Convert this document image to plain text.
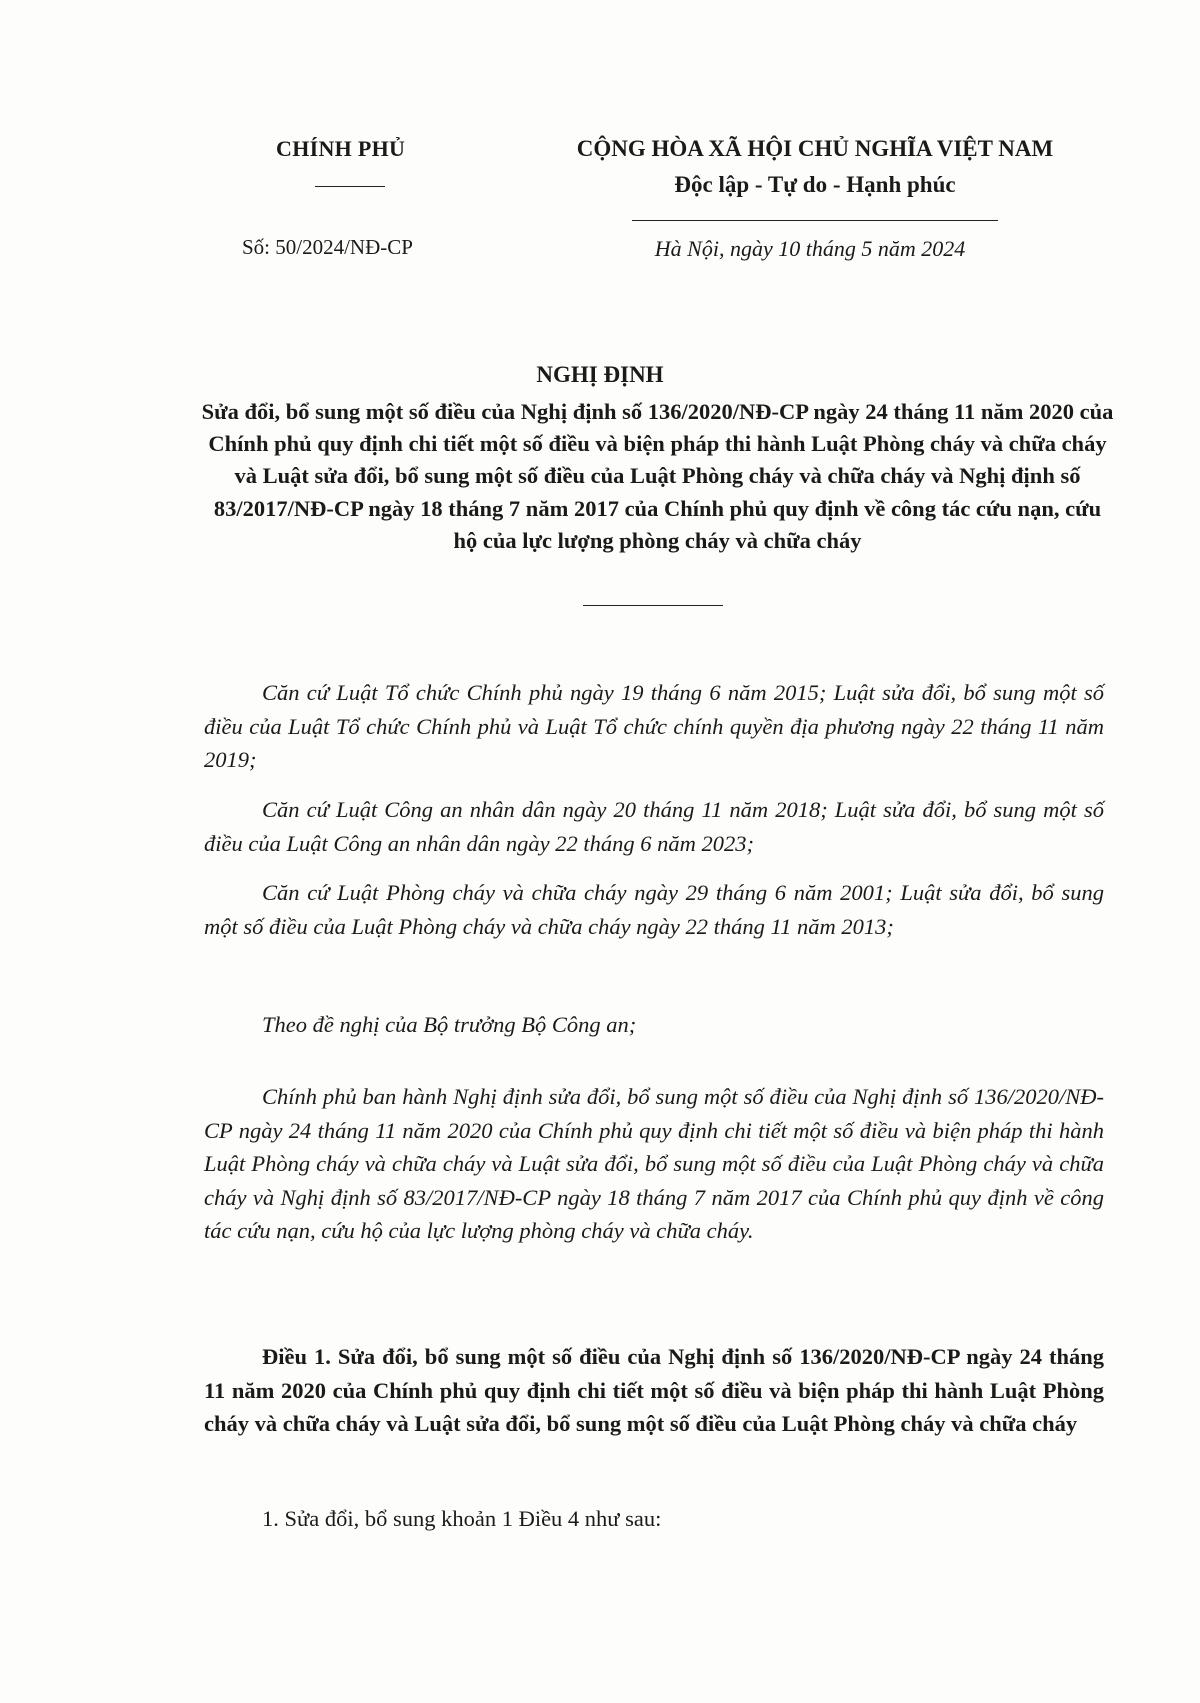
CHÍNH PHỦ	CỘNG HÒA XÃ HỘI CHỦ NGHĨA VIỆT NAM
Độc lập - Tự do - Hạnh phúc
Số: 50/2024/NĐ-CP	Hà Nội, ngày 10 tháng 5 năm 2024
NGHỊ ĐỊNH
Sửa đổi, bổ sung một số điều của Nghị định số 136/2020/NĐ-CP ngày 24 tháng 11 năm 2020 của Chính phủ quy định chi tiết một số điều và biện pháp thi hành Luật Phòng cháy và chữa cháy và Luật sửa đổi, bổ sung một số điều của Luật Phòng cháy và chữa cháy và Nghị định số 83/2017/NĐ-CP ngày 18 tháng 7 năm 2017 của Chính phủ quy định về công tác cứu nạn, cứu hộ của lực lượng phòng cháy và chữa cháy
Căn cứ Luật Tổ chức Chính phủ ngày 19 tháng 6 năm 2015; Luật sửa đổi, bổ sung một số điều của Luật Tổ chức Chính phủ và Luật Tổ chức chính quyền địa phương ngày 22 tháng 11 năm 2019;
Căn cứ Luật Công an nhân dân ngày 20 tháng 11 năm 2018; Luật sửa đổi, bổ sung một số điều của Luật Công an nhân dân ngày 22 tháng 6 năm 2023;
Căn cứ Luật Phòng cháy và chữa cháy ngày 29 tháng 6 năm 2001; Luật sửa đổi, bổ sung một số điều của Luật Phòng cháy và chữa cháy ngày 22 tháng 11 năm 2013;
Theo đề nghị của Bộ trưởng Bộ Công an;
Chính phủ ban hành Nghị định sửa đổi, bổ sung một số điều của Nghị định số 136/2020/NĐ-CP ngày 24 tháng 11 năm 2020 của Chính phủ quy định chi tiết một số điều và biện pháp thi hành Luật Phòng cháy và chữa cháy và Luật sửa đổi, bổ sung một số điều của Luật Phòng cháy và chữa cháy và Nghị định số 83/2017/NĐ-CP ngày 18 tháng 7 năm 2017 của Chính phủ quy định về công tác cứu nạn, cứu hộ của lực lượng phòng cháy và chữa cháy.
Điều 1. Sửa đổi, bổ sung một số điều của Nghị định số 136/2020/NĐ-CP ngày 24 tháng 11 năm 2020 của Chính phủ quy định chi tiết một số điều và biện pháp thi hành Luật Phòng cháy và chữa cháy và Luật sửa đổi, bổ sung một số điều của Luật Phòng cháy và chữa cháy
1. Sửa đổi, bổ sung khoản 1 Điều 4 như sau:
